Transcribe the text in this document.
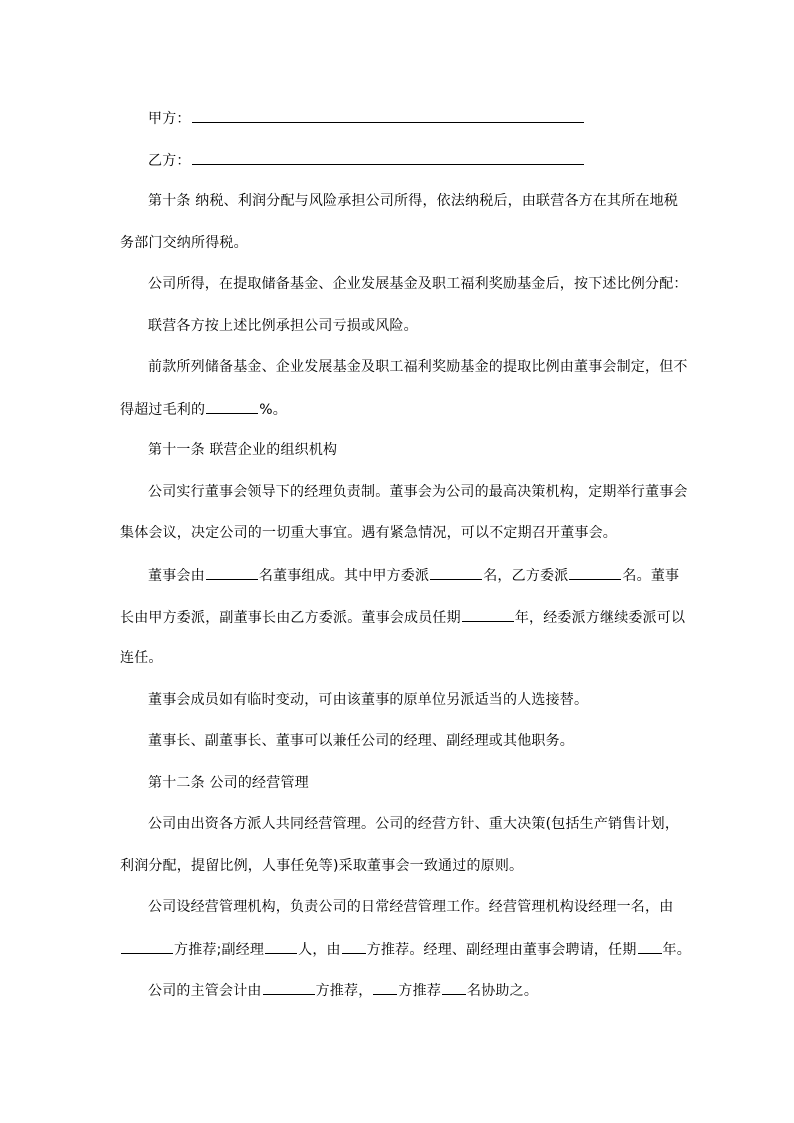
甲方：
乙方：
第十条 纳税、利润分配与风险承担公司所得，依法纳税后，由联营各方在其所在地税
务部门交纳所得税。
公司所得，在提取储备基金、企业发展基金及职工福利奖励基金后，按下述比例分配：
联营各方按上述比例承担公司亏损或风险。
前款所列储备基金、企业发展基金及职工福利奖励基金的提取比例由董事会制定，但不
得超过毛利的	%。
第十一条 联营企业的组织机构
公司实行董事会领导下的经理负责制。董事会为公司的最高决策机构，定期举行董事会
集体会议，决定公司的一切重大事宜。遇有紧急情况，可以不定期召开董事会。
董事会由	名董事组成。其中甲方委派	名，乙方委派	名。董事
长由甲方委派，副董事长由乙方委派。董事会成员任期	年，经委派方继续委派可以
连任。
董事会成员如有临时变动，可由该董事的原单位另派适当的人选接替。
董事长、副董事长、董事可以兼任公司的经理、副经理或其他职务。
第十二条 公司的经营管理
公司由出资各方派人共同经营管理。公司的经营方针、重大决策(包括生产销售计划，
利润分配，提留比例，人事任免等)采取董事会一致通过的原则。
公司设经营管理机构，负责公司的日常经营管理工作。经营管理机构设经理一名，由
方推荐;副经理 人，由 方推荐。经理、副经理由董事会聘请，任期 年。
公司的主管会计由	方推荐， 方推荐 名协助之。
